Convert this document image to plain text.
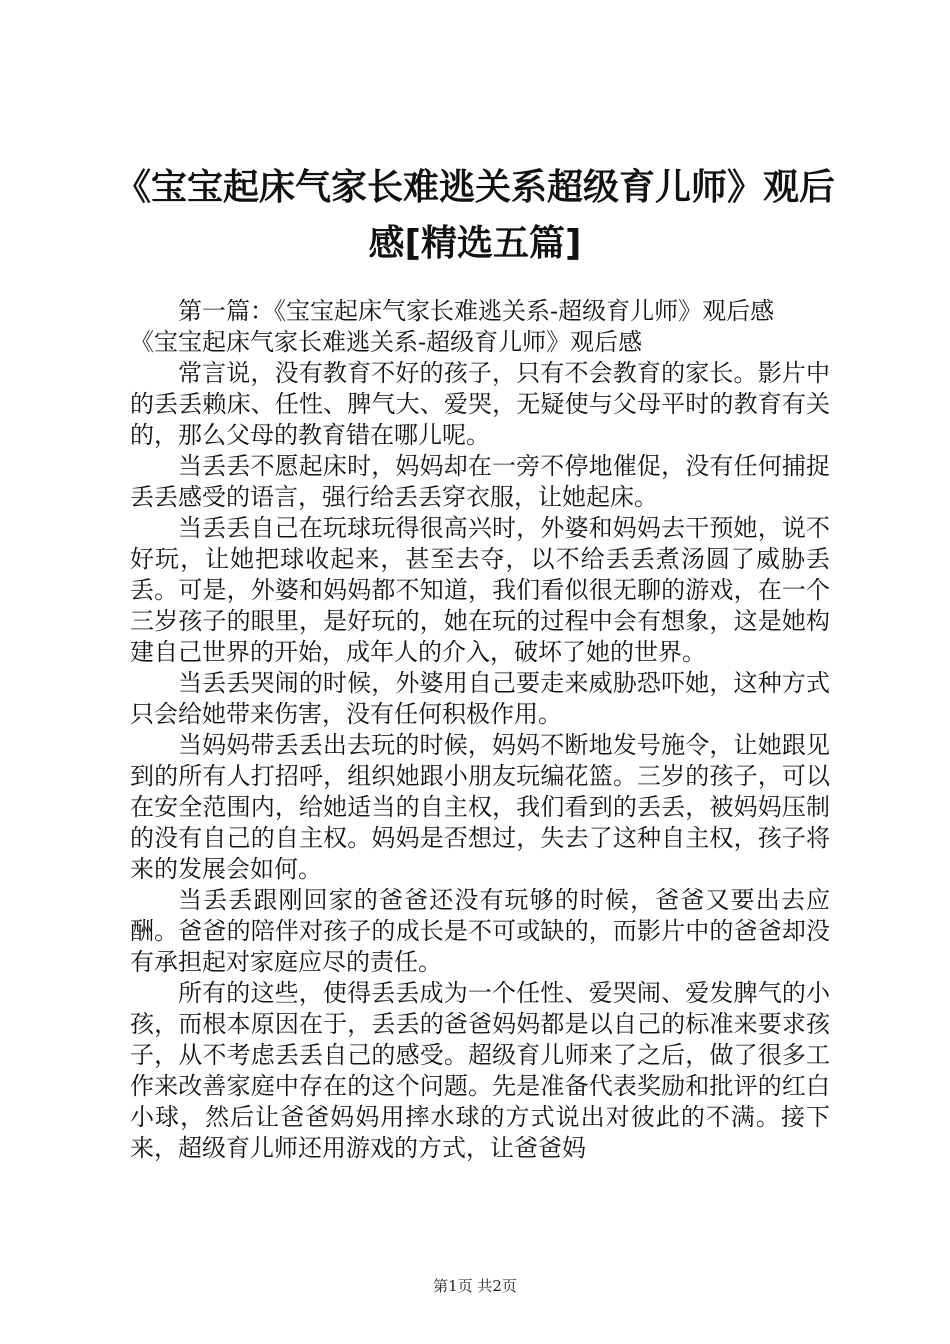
《宝宝起床气家长难逃关系超级育儿师》观后
感[精选五篇]

第一篇：《宝宝起床气家长难逃关系-超级育儿师》观后感

《宝宝起床气家长难逃关系-超级育儿师》观后感

常言说，没有教育不好的孩子，只有不会教育的家长。影片中的丢丢赖床、任性、脾气大、爱哭，无疑使与父母平时的教育有关的，那么父母的教育错在哪儿呢。

当丢丢不愿起床时，妈妈却在一旁不停地催促，没有任何捕捉丢丢感受的语言，强行给丢丢穿衣服，让她起床。

当丢丢自己在玩球玩得很高兴时，外婆和妈妈去干预她，说不好玩，让她把球收起来，甚至去夺，以不给丢丢煮汤圆了威胁丢丢。可是，外婆和妈妈都不知道，我们看似很无聊的游戏，在一个三岁孩子的眼里，是好玩的，她在玩的过程中会有想象，这是她构建自己世界的开始，成年人的介入，破坏了她的世界。

当丢丢哭闹的时候，外婆用自己要走来威胁恐吓她，这种方式只会给她带来伤害，没有任何积极作用。

当妈妈带丢丢出去玩的时候，妈妈不断地发号施令，让她跟见到的所有人打招呼，组织她跟小朋友玩编花篮。三岁的孩子，可以在安全范围内，给她适当的自主权，我们看到的丢丢，被妈妈压制的没有自己的自主权。妈妈是否想过，失去了这种自主权，孩子将来的发展会如何。

当丢丢跟刚回家的爸爸还没有玩够的时候，爸爸又要出去应酬。爸爸的陪伴对孩子的成长是不可或缺的，而影片中的爸爸却没有承担起对家庭应尽的责任。

所有的这些，使得丢丢成为一个任性、爱哭闹、爱发脾气的小孩，而根本原因在于，丢丢的爸爸妈妈都是以自己的标准来要求孩子，从不考虑丢丢自己的感受。超级育儿师来了之后，做了很多工作来改善家庭中存在的这个问题。先是准备代表奖励和批评的红白小球，然后让爸爸妈妈用摔水球的方式说出对彼此的不满。接下来，超级育儿师还用游戏的方式，让爸爸妈

第1页 共2页
